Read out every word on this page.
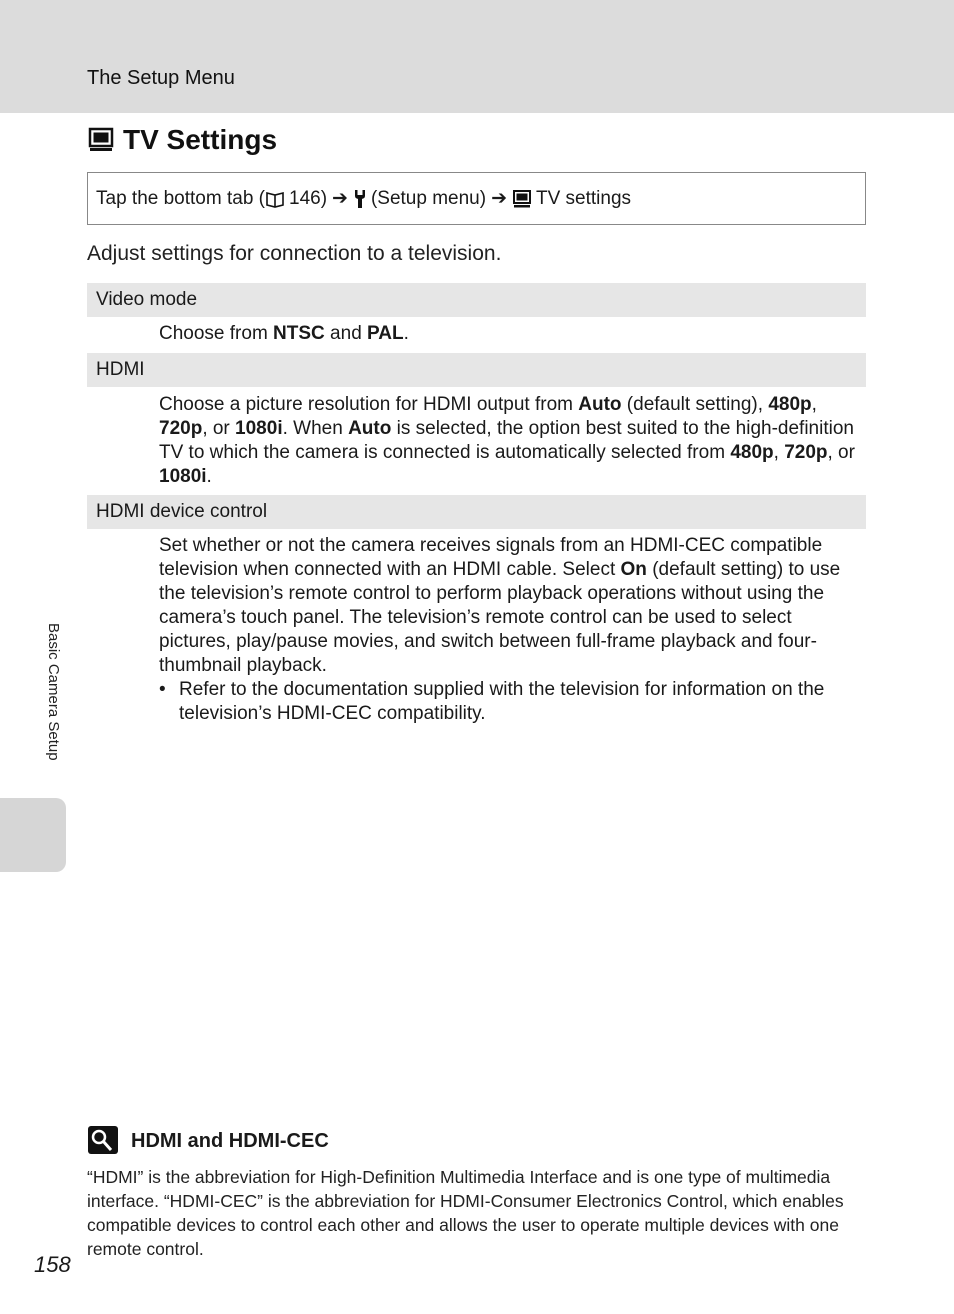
The Setup Menu
TV Settings
Tap the bottom tab ( 146) ➔ (Setup menu) ➔ TV settings
Adjust settings for connection to a television.
Video mode
Choose from NTSC and PAL.
HDMI
Choose a picture resolution for HDMI output from Auto (default setting), 480p, 720p, or 1080i. When Auto is selected, the option best suited to the high-definition TV to which the camera is connected is automatically selected from 480p, 720p, or 1080i.
HDMI device control
Set whether or not the camera receives signals from an HDMI-CEC compatible television when connected with an HDMI cable. Select On (default setting) to use the television’s remote control to perform playback operations without using the camera’s touch panel. The television’s remote control can be used to select pictures, play/pause movies, and switch between full-frame playback and four-thumbnail playback.
• Refer to the documentation supplied with the television for information on the television’s HDMI-CEC compatibility.
Basic Camera Setup
HDMI and HDMI-CEC
“HDMI” is the abbreviation for High-Definition Multimedia Interface and is one type of multimedia interface. “HDMI-CEC” is the abbreviation for HDMI-Consumer Electronics Control, which enables compatible devices to control each other and allows the user to operate multiple devices with one remote control.
158
